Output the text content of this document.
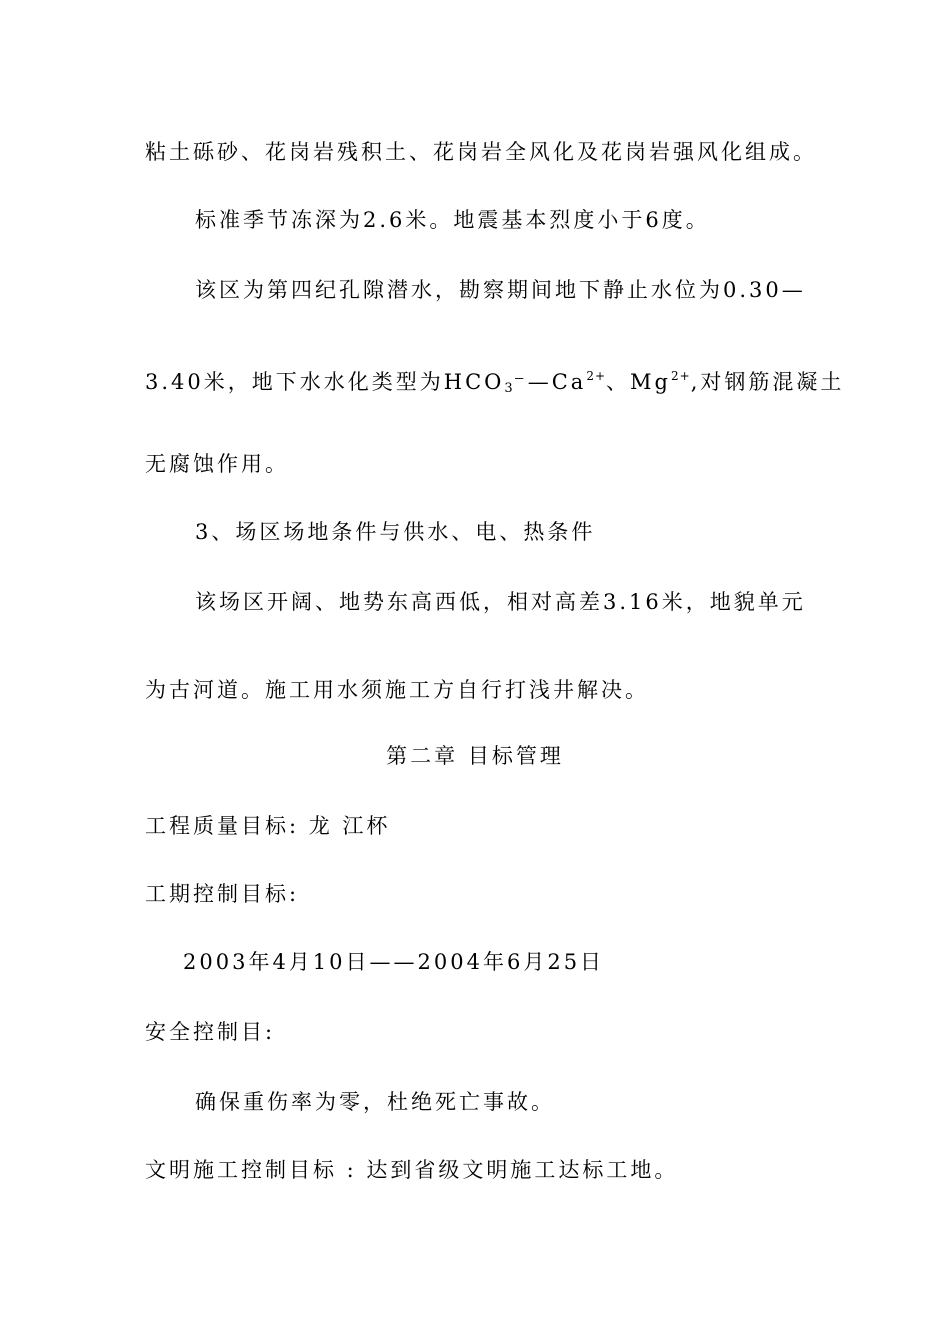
粘土砾砂、花岗岩残积土、花岗岩全风化及花岗岩强风化组成。
标准季节冻深为2.6米。地震基本烈度小于6度。
该区为第四纪孔隙潜水，勘察期间地下静止水位为0.30—
3.40米，地下水水化类型为$HCO_3^-—Ca^{2+}$、$Mg^{2+}$,对钢筋混凝土
无腐蚀作用。
3、场区场地条件与供水、电、热条件
该场区开阔、地势东高西低，相对高差3.16米，地貌单元
为古河道。施工用水须施工方自行打浅井解决。
第二章 目标管理
工程质量目标: 龙 江杯
工期控制目标:
2003年4月10日——2004年6月25日
安全控制目:
确保重伤率为零，杜绝死亡事故。
文明施工控制目标 : 达到省级文明施工达标工地。
